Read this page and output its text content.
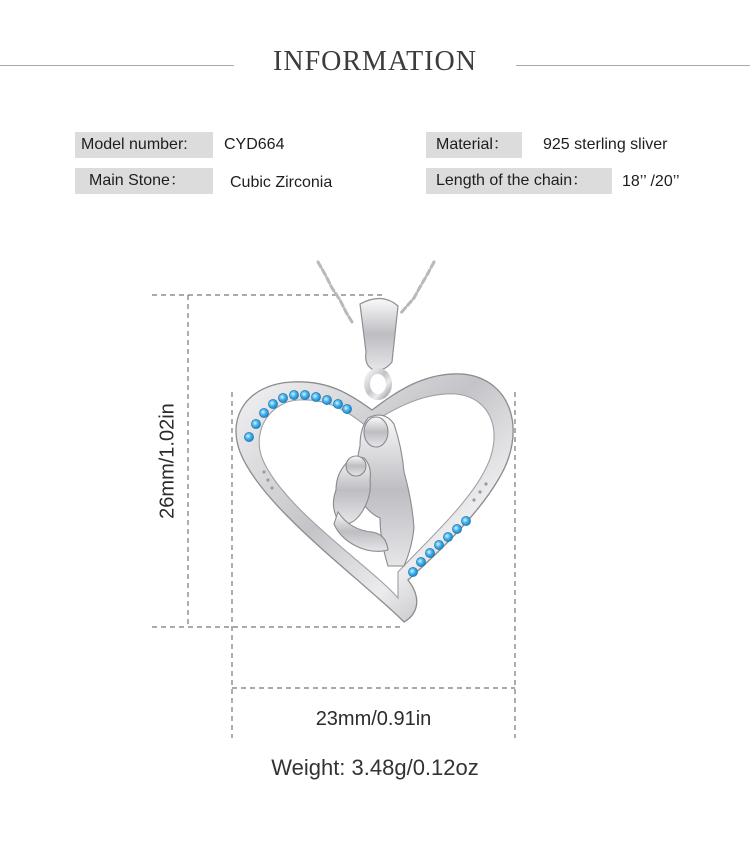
INFORMATION
Model number:	CYD664
Main Stone：	Cubic Zirconia
Material：	925 sterling sliver
Length of the chain：	18’’ /20’’
26mm/1.02in
23mm/0.91in
Weight: 3.48g/0.12oz
